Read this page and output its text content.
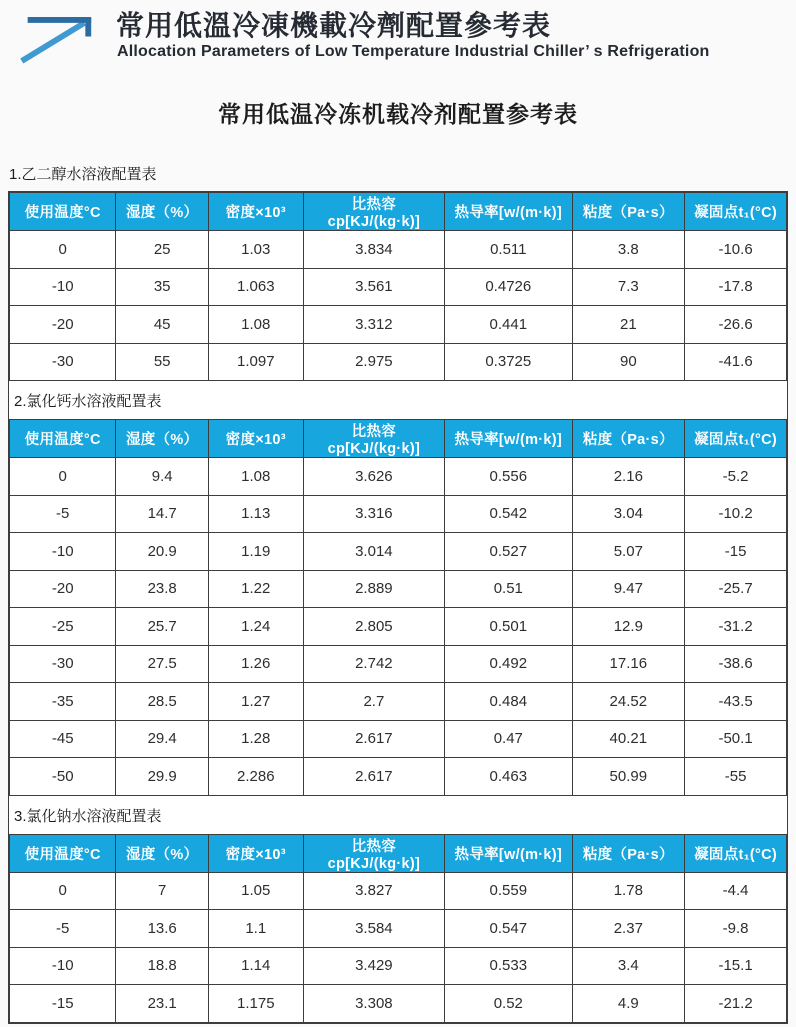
常用低溫冷凍機載冷劑配置參考表

Allocation Parameters of Low Temperature Industrial Chiller’ s Refrigeration

常用低温冷冻机载冷剂配置参考表
1.乙二醇水溶液配置表
使用温度°C	湿度（%）	密度×10³	比热容cp[KJ/(kg·k)]	热导率[w/(m·k)]	粘度（Pa·s）	凝固点t₁(°C)
0	25	1.03	3.834	0.511	3.8	-10.6
-10	35	1.063	3.561	0.4726	7.3	-17.8
-20	45	1.08	3.312	0.441	21	-26.6
-30	55	1.097	2.975	0.3725	90	-41.6
2.氯化钙水溶液配置表
使用温度°C	湿度（%）	密度×10³	比热容cp[KJ/(kg·k)]	热导率[w/(m·k)]	粘度（Pa·s）	凝固点t₁(°C)
0	9.4	1.08	3.626	0.556	2.16	-5.2
-5	14.7	1.13	3.316	0.542	3.04	-10.2
-10	20.9	1.19	3.014	0.527	5.07	-15
-20	23.8	1.22	2.889	0.51	9.47	-25.7
-25	25.7	1.24	2.805	0.501	12.9	-31.2
-30	27.5	1.26	2.742	0.492	17.16	-38.6
-35	28.5	1.27	2.7	0.484	24.52	-43.5
-45	29.4	1.28	2.617	0.47	40.21	-50.1
-50	29.9	2.286	2.617	0.463	50.99	-55
3.氯化钠水溶液配置表
使用温度°C	湿度（%）	密度×10³	比热容cp[KJ/(kg·k)]	热导率[w/(m·k)]	粘度（Pa·s）	凝固点t₁(°C)
0	7	1.05	3.827	0.559	1.78	-4.4
-5	13.6	1.1	3.584	0.547	2.37	-9.8
-10	18.8	1.14	3.429	0.533	3.4	-15.1
-15	23.1	1.175	3.308	0.52	4.9	-21.2
